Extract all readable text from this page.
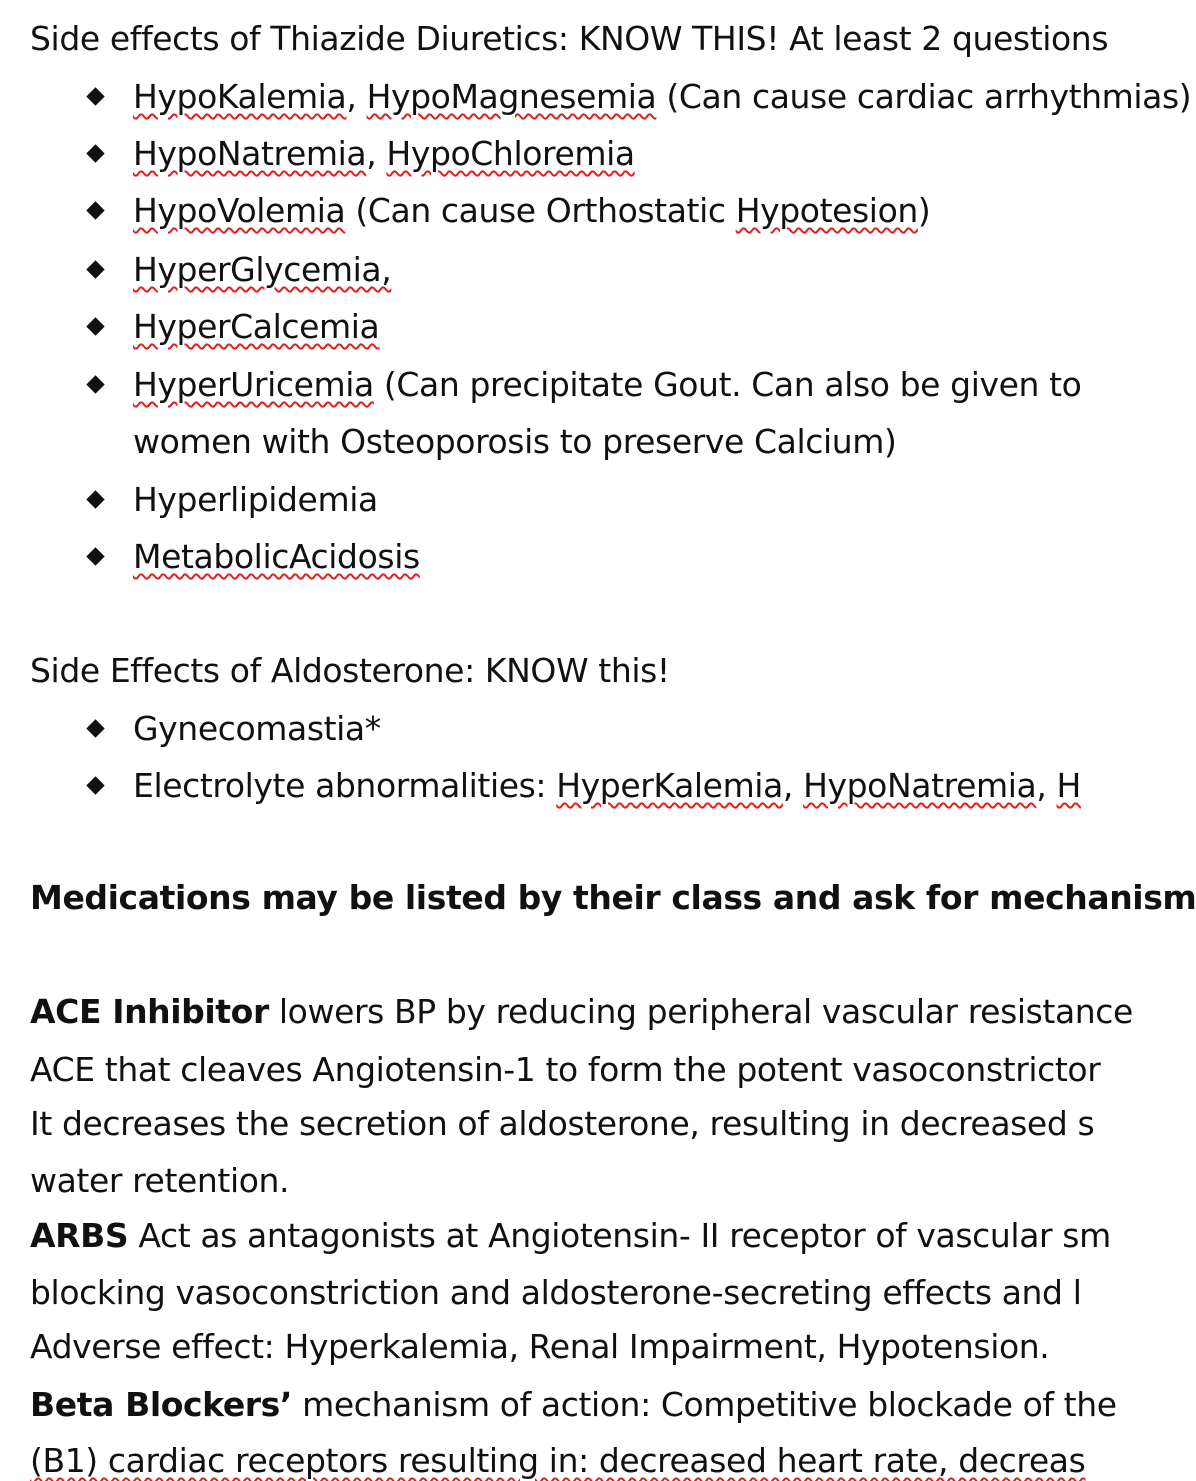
Side effects of Thiazide Diuretics: KNOW THIS! At least 2 questions
HypoKalemia, HypoMagnesemia (Can cause cardiac arrhythmias)
HypoNatremia, HypoChloremia
HypoVolemia (Can cause Orthostatic Hypotesion)
HyperGlycemia,
HyperCalcemia
HyperUricemia (Can precipitate Gout. Can also be given to
women with Osteoporosis to preserve Calcium)
Hyperlipidemia
MetabolicAcidosis
Side Effects of Aldosterone: KNOW this!
Gynecomastia*
Electrolyte abnormalities: HyperKalemia, HypoNatremia, H
Medications may be listed by their class and ask for mechanism
ACE Inhibitor lowers BP by reducing peripheral vascular resistance
ACE that cleaves Angiotensin-1 to form the potent vasoconstrictor
It decreases the secretion of aldosterone, resulting in decreased s
water retention.
ARBS Act as antagonists at Angiotensin- II receptor of vascular sm
blocking vasoconstriction and aldosterone-secreting effects and l
Adverse effect: Hyperkalemia, Renal Impairment, Hypotension.
Beta Blockers’ mechanism of action: Competitive blockade of the
(B1) cardiac receptors resulting in: decreased heart rate, decreas
